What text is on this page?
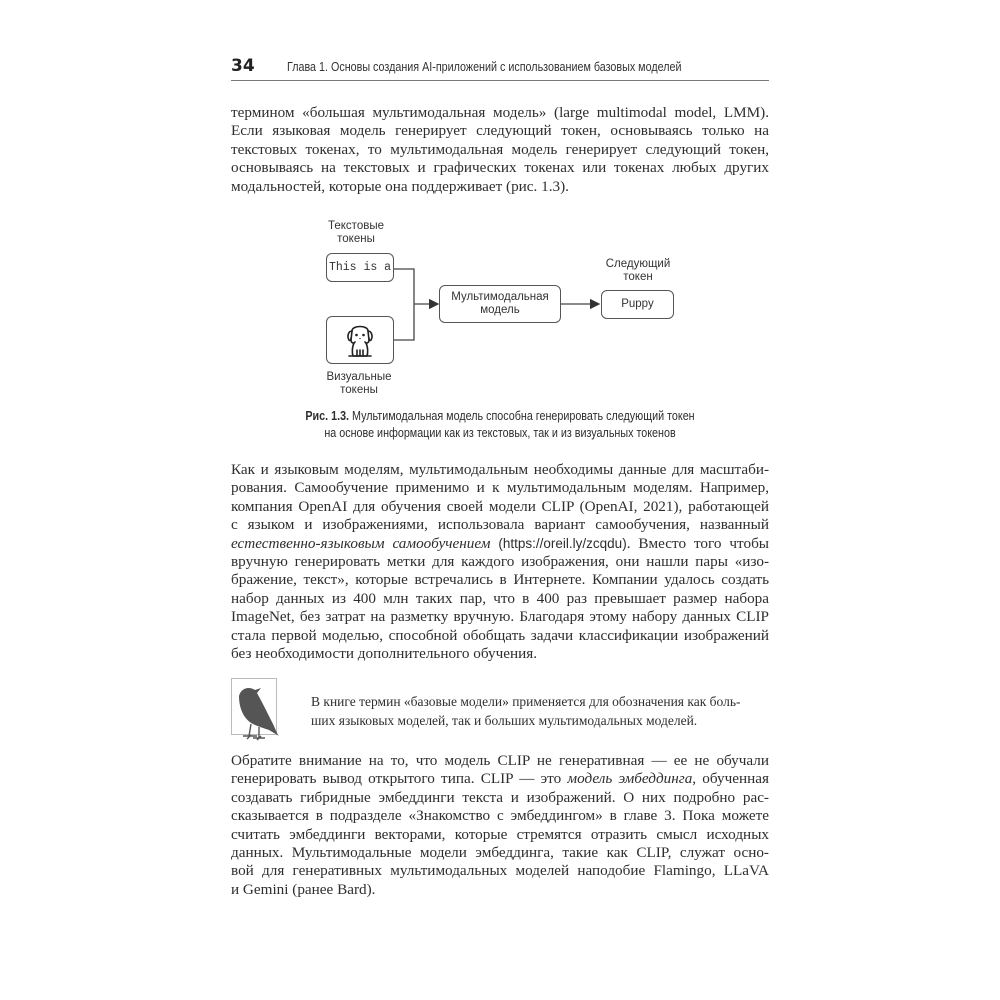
34	Глава 1. Основы создания AI-приложений с использованием базовых моделей
термином «большая мультимодальная модель» (large multimodal model, LMM).
Если языковая модель генерирует следующий токен, основываясь только на
текстовых токенах, то мультимодальная модель генерирует следующий токен,
основываясь на текстовых и графических токенах или токенах любых других
модальностей, которые она поддерживает (рис. 1.3).
Текстовые
токены
This is a
Визуальные
токены
Мультимодальная
модель
Следующий
токен
Puppy
Рис. 1.3. Мультимодальная модель способна генерировать следующий токен
на основе информации как из текстовых, так и из визуальных токенов
Как и языковым моделям, мультимодальным необходимы данные для масштаби-
рования. Самообучение применимо и к мультимодальным моделям. Например,
компания OpenAI для обучения своей модели CLIP (OpenAI, 2021), работающей
с языком и изображениями, использовала вариант самообучения, названный
естественно-языковым самообучением (https://oreil.ly/zcqdu). Вместо того чтобы
вручную генерировать метки для каждого изображения, они нашли пары «изо-
бражение, текст», которые встречались в Интернете. Компании удалось создать
набор данных из 400 млн таких пар, что в 400 раз превышает размер набора
ImageNet, без затрат на разметку вручную. Благодаря этому набору данных CLIP
стала первой моделью, способной обобщать задачи классификации изображений
без необходимости дополнительного обучения.
В книге термин «базовые модели» применяется для обозначения как боль-
ших языковых моделей, так и больших мультимодальных моделей.
Обратите внимание на то, что модель CLIP не генеративная — ее не обучали
генерировать вывод открытого типа. CLIP — это модель эмбеддинга, обученная
создавать гибридные эмбеддинги текста и изображений. О них подробно рас-
сказывается в подразделе «Знакомство с эмбеддингом» в главе 3. Пока можете
считать эмбеддинги векторами, которые стремятся отразить смысл исходных
данных. Мультимодальные модели эмбеддинга, такие как CLIP, служат осно-
вой для генеративных мультимодальных моделей наподобие Flamingo, LLaVA
и Gemini (ранее Bard).
